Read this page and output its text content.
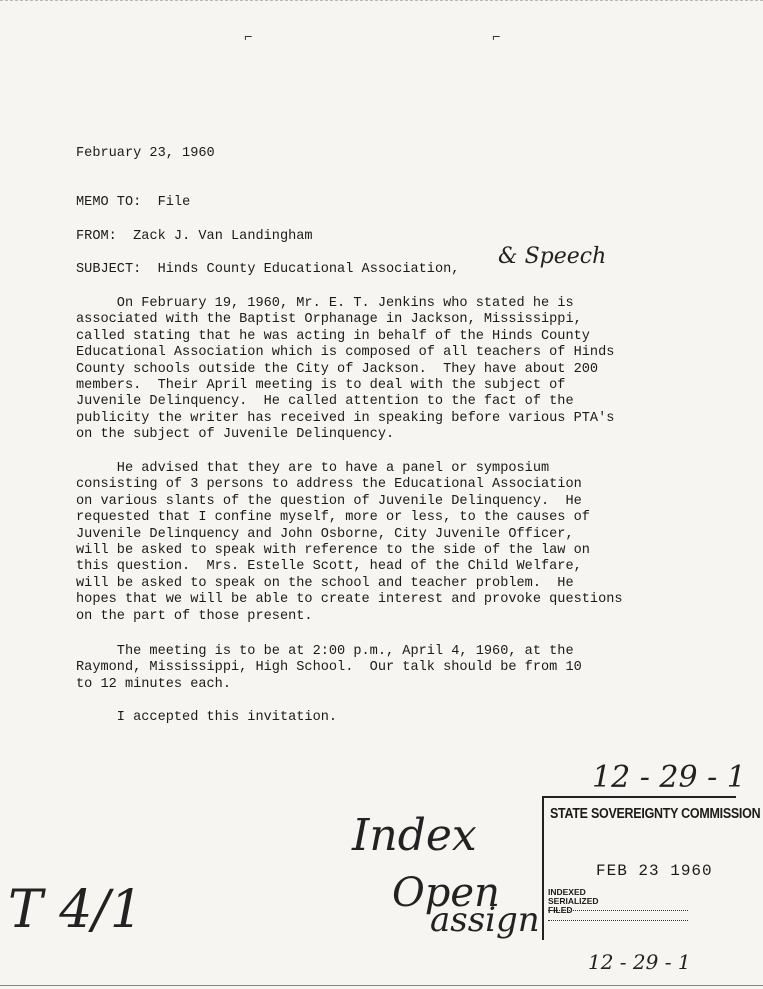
⌐	⌐
February 23, 1960
MEMO TO: File
FROM: Zack J. Van Landingham
SUBJECT: Hinds County Educational Association,
& Speech
On February 19, 1960, Mr. E. T. Jenkins who stated he is
associated with the Baptist Orphanage in Jackson, Mississippi,
called stating that he was acting in behalf of the Hinds County
Educational Association which is composed of all teachers of Hinds
County schools outside the City of Jackson.  They have about 200
members.  Their April meeting is to deal with the subject of
Juvenile Delinquency.  He called attention to the fact of the
publicity the writer has received in speaking before various PTA's
on the subject of Juvenile Delinquency.
He advised that they are to have a panel or symposium
consisting of 3 persons to address the Educational Association
on various slants of the question of Juvenile Delinquency.  He
requested that I confine myself, more or less, to the causes of
Juvenile Delinquency and John Osborne, City Juvenile Officer,
will be asked to speak with reference to the side of the law on
this question.  Mrs. Estelle Scott, head of the Child Welfare,
will be asked to speak on the school and teacher problem.  He
hopes that we will be able to create interest and provoke questions
on the part of those present.
The meeting is to be at 2:00 p.m., April 4, 1960, at the
Raymond, Mississippi, High School.  Our talk should be from 10
to 12 minutes each.
I accepted this invitation.
12 - 29 - 1
STATE SOVEREIGNTY COMMISSION
FEB 23 1960
INDEXED
SERIALIZED
FILED
Index
Open
assign
T 4/1
12 - 29 - 1
